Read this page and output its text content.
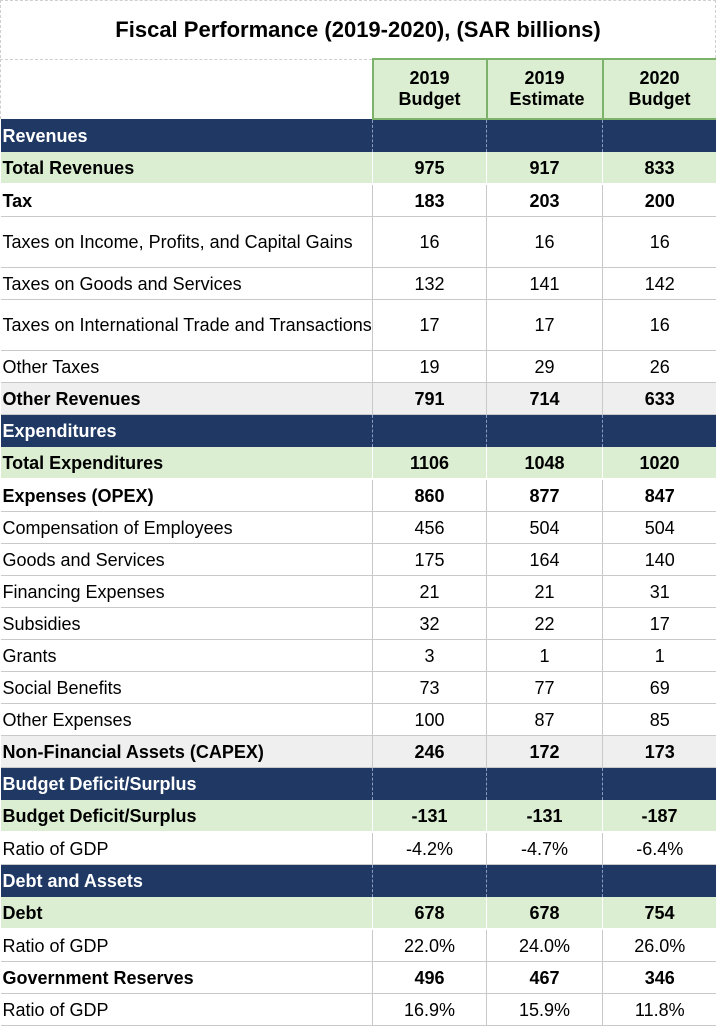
Fiscal Performance (2019-2020), (SAR billions)
	2019 Budget	2019 Estimate	2020 Budget
Revenues			
Total Revenues	975	917	833
Tax	183	203	200
Taxes on Income, Profits, and Capital Gains	16	16	16
Taxes on Goods and Services	132	141	142
Taxes on International Trade and Transactions	17	17	16
Other Taxes	19	29	26
Other Revenues	791	714	633
Expenditures			
Total Expenditures	1106	1048	1020
Expenses (OPEX)	860	877	847
Compensation of Employees	456	504	504
Goods and Services	175	164	140
Financing Expenses	21	21	31
Subsidies	32	22	17
Grants	3	1	1
Social Benefits	73	77	69
Other Expenses	100	87	85
Non-Financial Assets (CAPEX)	246	172	173
Budget Deficit/Surplus			
Budget Deficit/Surplus	-131	-131	-187
Ratio of GDP	-4.2%	-4.7%	-6.4%
Debt and Assets			
Debt	678	678	754
Ratio of GDP	22.0%	24.0%	26.0%
Government Reserves	496	467	346
Ratio of GDP	16.9%	15.9%	11.8%
